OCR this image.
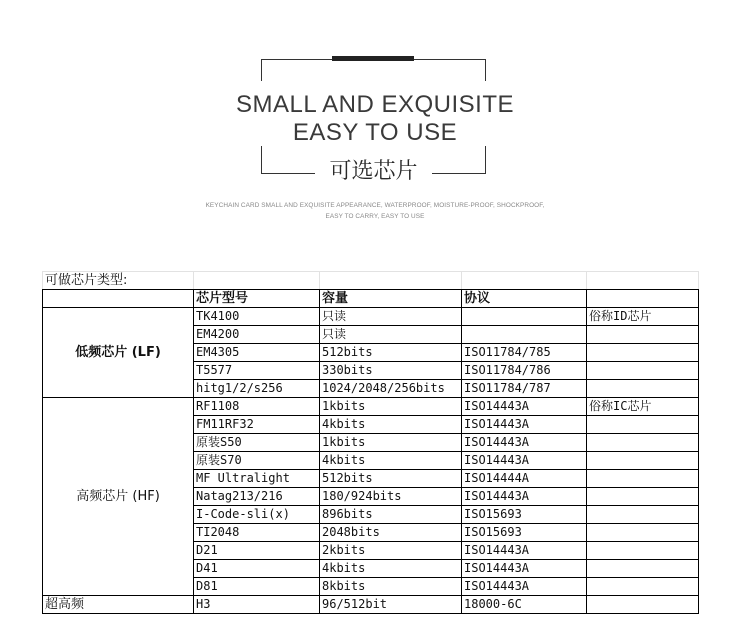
SMALL AND EXQUISITE
EASY TO USE
可选芯片
KEYCHAIN CARD SMALL AND EXQUISITE APPEARANCE, WATERPROOF, MOISTURE-PROOF, SHOCKPROOF,
EASY TO CARRY, EASY TO USE
可做芯片类型:				
	芯片型号	容量	协议	
低频芯片 (LF)	TK4100	只读		俗称ID芯片
	EM4200	只读		
	EM4305	512bits	ISO11784/785	
	T5577	330bits	ISO11784/786	
	hitg1/2/s256	1024/2048/256bits	ISO11784/787	
高频芯片 (HF)	RF1108	1kbits	ISO14443A	俗称IC芯片
	FM11RF32	4kbits	ISO14443A	
	原装S50	1kbits	ISO14443A	
	原装S70	4kbits	ISO14443A	
	MF Ultralight	512bits	ISO14444A	
	Natag213/216	180/924bits	ISO14443A	
	I-Code-sli(x)	896bits	ISO15693	
	TI2048	2048bits	ISO15693	
	D21	2kbits	ISO14443A	
	D41	4kbits	ISO14443A	
	D81	8kbits	ISO14443A	
超高频	H3	96/512bit	18000-6C	
